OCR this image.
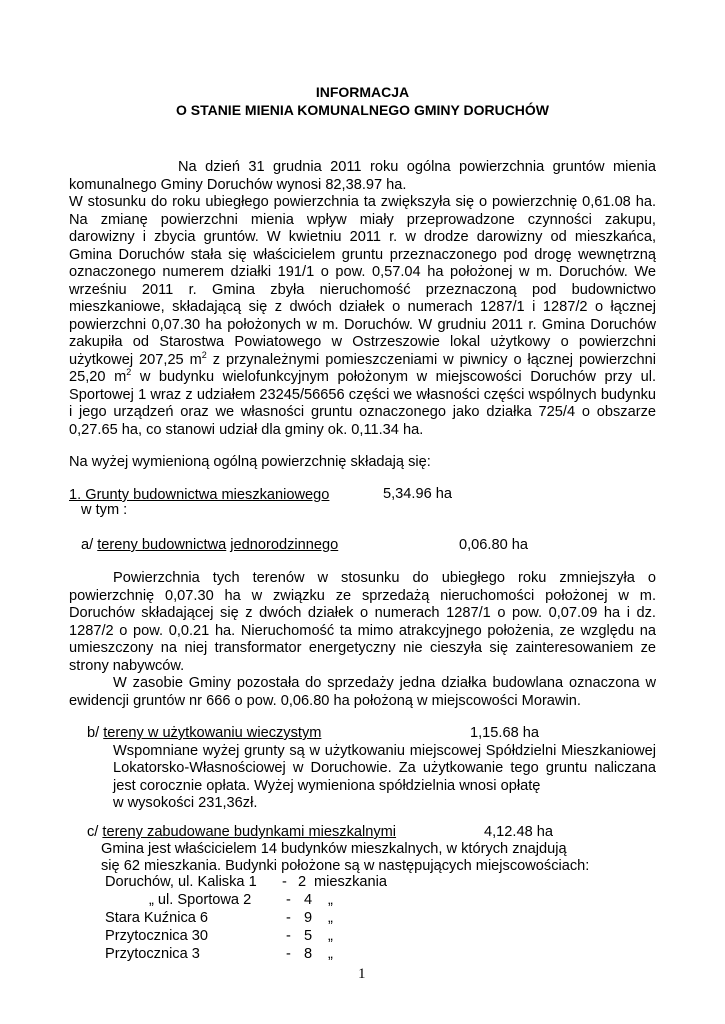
INFORMACJA
O STANIE MIENIA KOMUNALNEGO GMINY DORUCHÓW
Na dzień 31 grudnia 2011 roku ogólna powierzchnia gruntów mienia
komunalnego Gminy Doruchów wynosi 82,38.97 ha.
W stosunku do roku ubiegłego powierzchnia ta zwiększyła się o powierzchnię 0,61.08 ha.
Na zmianę powierzchni mienia wpływ miały przeprowadzone czynności zakupu,
darowizny i zbycia gruntów. W kwietniu 2011 r. w drodze darowizny od mieszkańca,
Gmina Doruchów stała się właścicielem gruntu przeznaczonego pod drogę wewnętrzną
oznaczonego numerem działki 191/1 o pow. 0,57.04 ha położonej w m. Doruchów. We
wrześniu 2011 r. Gmina zbyła nieruchomość przeznaczoną pod budownictwo
mieszkaniowe, składającą się z dwóch działek o numerach 1287/1 i 1287/2 o łącznej
powierzchni 0,07.30 ha położonych w m. Doruchów. W grudniu 2011 r. Gmina Doruchów
zakupiła od Starostwa Powiatowego w Ostrzeszowie lokal użytkowy o powierzchni
użytkowej 207,25 $m^2$ z przynależnymi pomieszczeniami w piwnicy o łącznej powierzchni
25,20 $m^2$ w budynku wielofunkcyjnym położonym w miejscowości Doruchów przy ul.
Sportowej 1 wraz z udziałem 23245/56656 części we własności części wspólnych budynku
i jego urządzeń oraz we własności gruntu oznaczonego jako działka 725/4 o obszarze
0,27.65 ha, co stanowi udział dla gminy ok. 0,11.34 ha.
Na wyżej wymienioną ogólną powierzchnię składają się:
1. Grunty budownictwa mieszkaniowego	5,34.96 ha
w tym :
a/ tereny budownictwa jednorodzinnego	0,06.80 ha
Powierzchnia tych terenów w stosunku do ubiegłego roku zmniejszyła o
powierzchnię 0,07.30 ha w związku ze sprzedażą nieruchomości położonej w m.
Doruchów składającej się z dwóch działek o numerach 1287/1 o pow. 0,07.09 ha i dz.
1287/2 o pow. 0,0.21 ha. Nieruchomość ta mimo atrakcyjnego położenia, ze względu na
umieszczony na niej transformator energetyczny nie cieszyła się zainteresowaniem ze
strony nabywców.
W zasobie Gminy pozostała do sprzedaży jedna działka budowlana oznaczona w
ewidencji gruntów nr 666 o pow. 0,06.80 ha położoną w miejscowości Morawin.
b/ tereny w użytkowaniu wieczystym	1,15.68 ha
Wspomniane wyżej grunty są w użytkowaniu miejscowej Spółdzielni Mieszkaniowej
Lokatorsko-Własnościowej w Doruchowie. Za użytkowanie tego gruntu naliczana
jest corocznie opłata. Wyżej wymieniona spółdzielnia wnosi opłatę
w wysokości 231,36zł.
c/ tereny zabudowane budynkami mieszkalnymi	4,12.48 ha
Gmina jest właścicielem 14 budynków mieszkalnych, w których znajdują
się 62 mieszkania. Budynki położone są w następujących miejscowościach:
Doruchów, ul. Kaliska 1 - 2 mieszkania
„ ul. Sportowa 2 - 4 „
Stara Kuźnica 6	- 9 „
Przytocznica 30	- 5 „
Przytocznica 3	- 8 „
1
